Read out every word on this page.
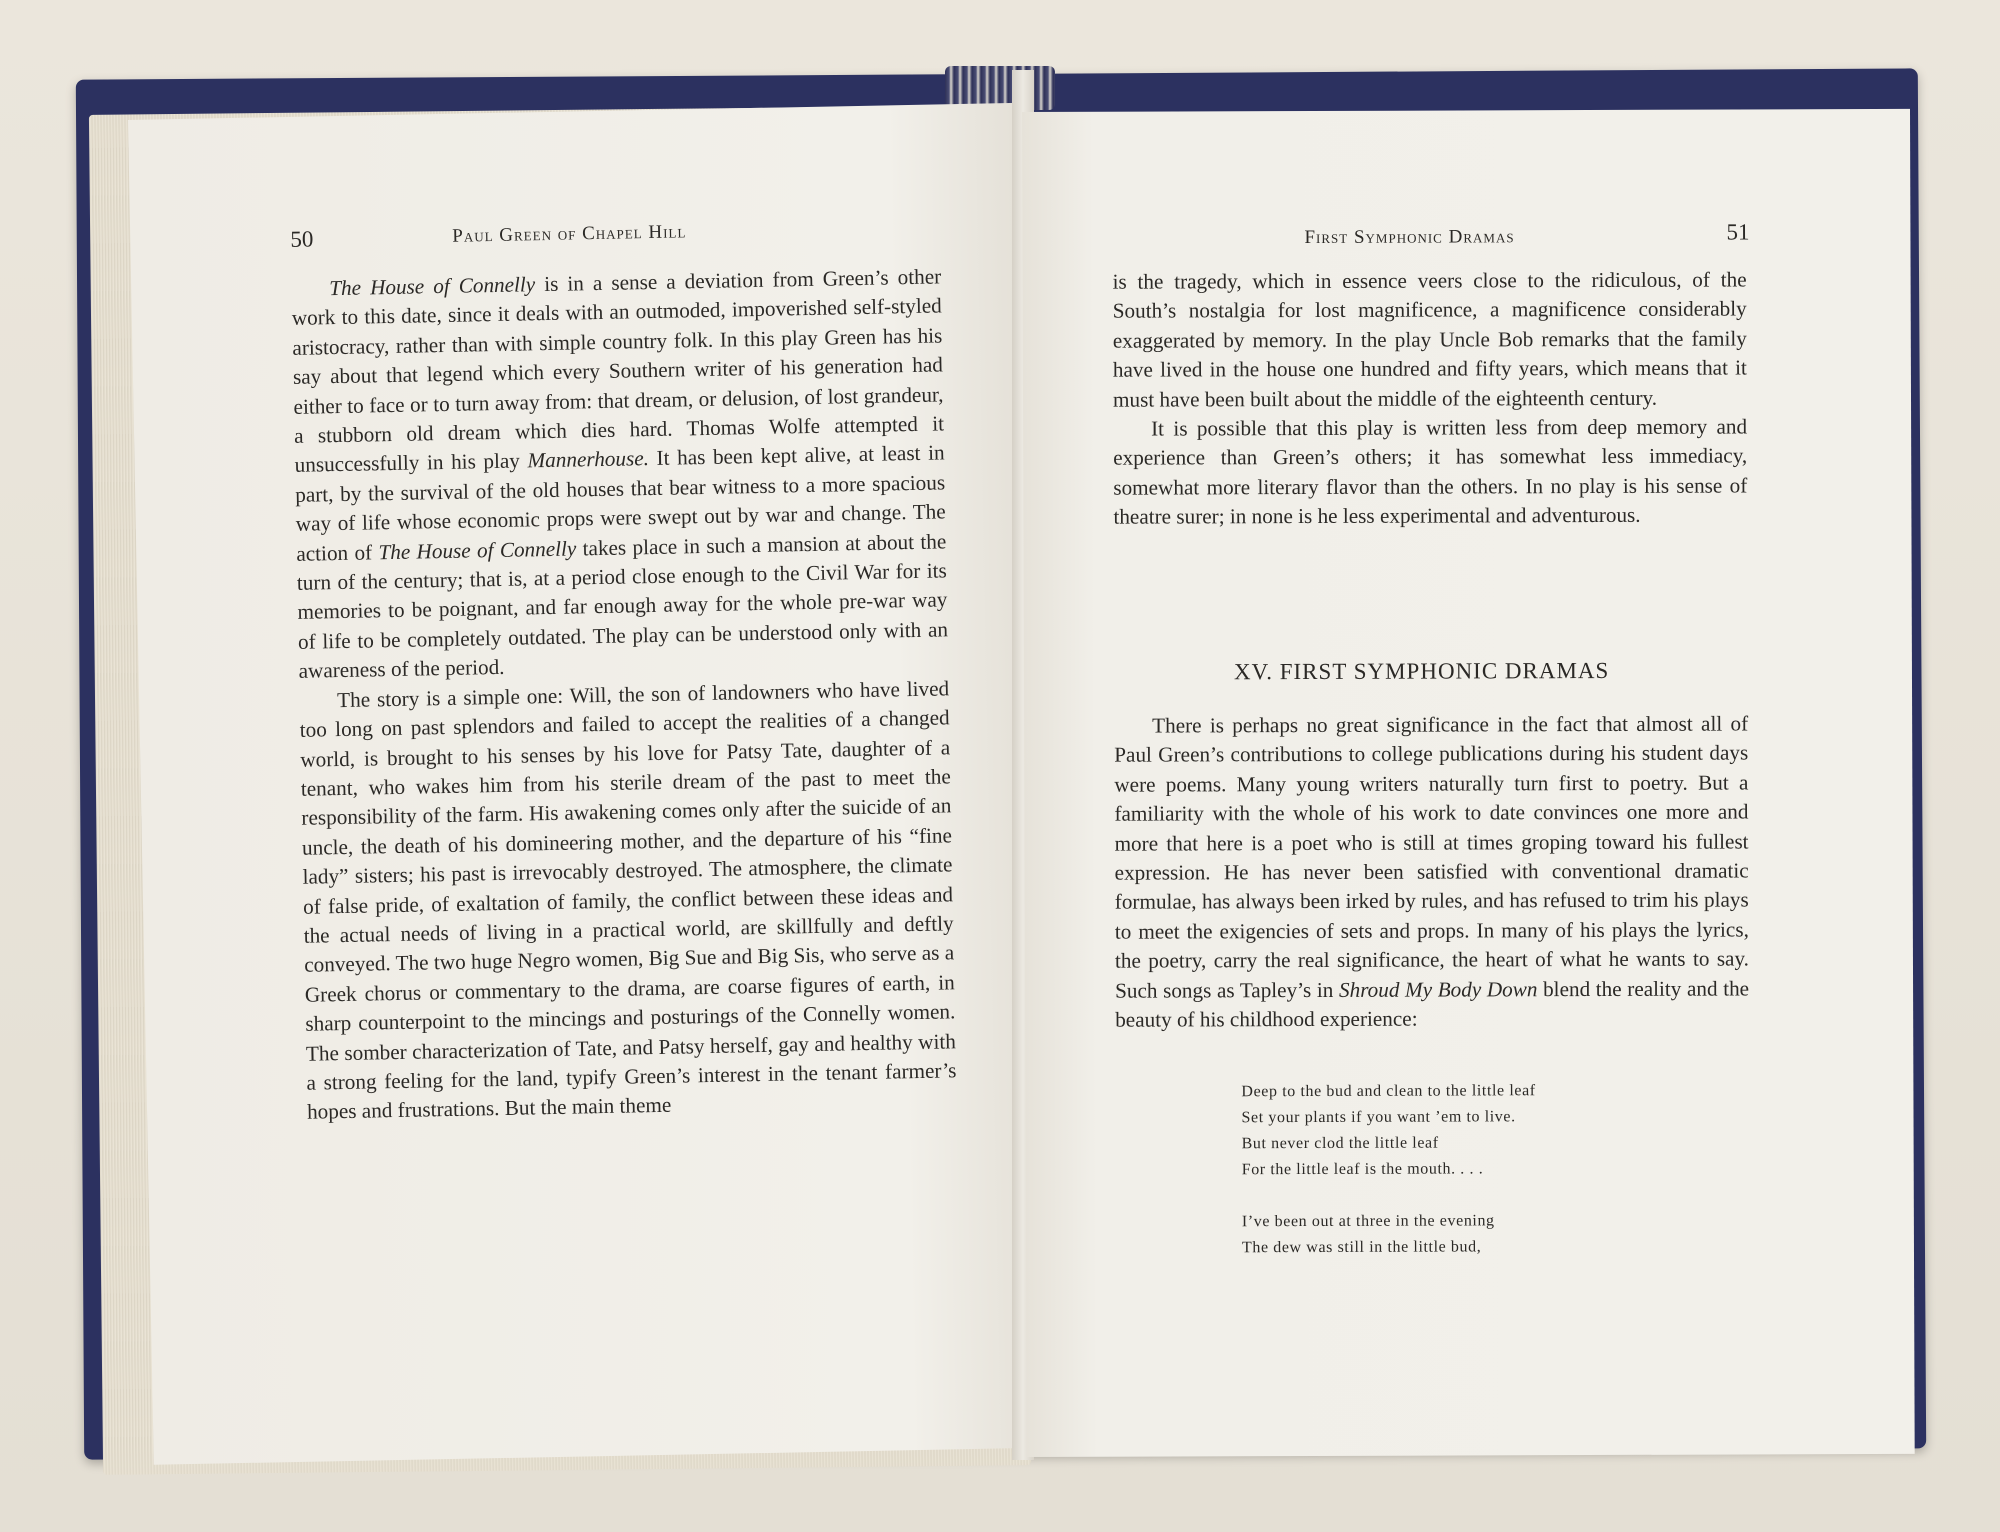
50	Paul Green of Chapel Hill

The House of Connelly is in a sense a deviation from Green’s other work to this date, since it deals with an outmoded, impoverished self-styled aristocracy, rather than with simple country folk. In this play Green has his say about that legend which every Southern writer of his generation had either to face or to turn away from: that dream, or delusion, of lost grandeur, a stubborn old dream which dies hard. Thomas Wolfe attempted it unsuccessfully in his play Mannerhouse. It has been kept alive, at least in part, by the survival of the old houses that bear witness to a more spacious way of life whose economic props were swept out by war and change. The action of The House of Connelly takes place in such a mansion at about the turn of the century; that is, at a period close enough to the Civil War for its memories to be poignant, and far enough away for the whole pre-war way of life to be completely outdated. The play can be understood only with an awareness of the period.

The story is a simple one: Will, the son of landowners who have lived too long on past splendors and failed to accept the realities of a changed world, is brought to his senses by his love for Patsy Tate, daughter of a tenant, who wakes him from his sterile dream of the past to meet the responsibility of the farm. His awakening comes only after the suicide of an uncle, the death of his domineering mother, and the departure of his “fine lady” sisters; his past is irrevocably destroyed. The atmosphere, the climate of false pride, of exaltation of family, the conflict between these ideas and the actual needs of living in a practical world, are skillfully and deftly conveyed. The two huge Negro women, Big Sue and Big Sis, who serve as a Greek chorus or commentary to the drama, are coarse figures of earth, in sharp counterpoint to the mincings and posturings of the Connelly women. The somber characterization of Tate, and Patsy herself, gay and healthy with a strong feeling for the land, typify Green’s interest in the tenant farmer’s hopes and frustrations. But the main theme

First Symphonic Dramas	51

is the tragedy, which in essence veers close to the ridiculous, of the South’s nostalgia for lost magnificence, a magnificence considerably exaggerated by memory. In the play Uncle Bob remarks that the family have lived in the house one hundred and fifty years, which means that it must have been built about the middle of the eighteenth century.

It is possible that this play is written less from deep memory and experience than Green’s others; it has somewhat less immediacy, somewhat more literary flavor than the others. In no play is his sense of theatre surer; in none is he less experimental and adventurous.

XV. FIRST SYMPHONIC DRAMAS

There is perhaps no great significance in the fact that almost all of Paul Green’s contributions to college publications during his student days were poems. Many young writers naturally turn first to poetry. But a familiarity with the whole of his work to date convinces one more and more that here is a poet who is still at times groping toward his fullest expression. He has never been satisfied with conventional dramatic formulae, has always been irked by rules, and has refused to trim his plays to meet the exigencies of sets and props. In many of his plays the lyrics, the poetry, carry the real significance, the heart of what he wants to say. Such songs as Tapley’s in Shroud My Body Down blend the reality and the beauty of his childhood experience:

Deep to the bud and clean to the little leaf
Set your plants if you want ’em to live.
But never clod the little leaf
For the little leaf is the mouth. . . .
I’ve been out at three in the evening
The dew was still in the little bud,
